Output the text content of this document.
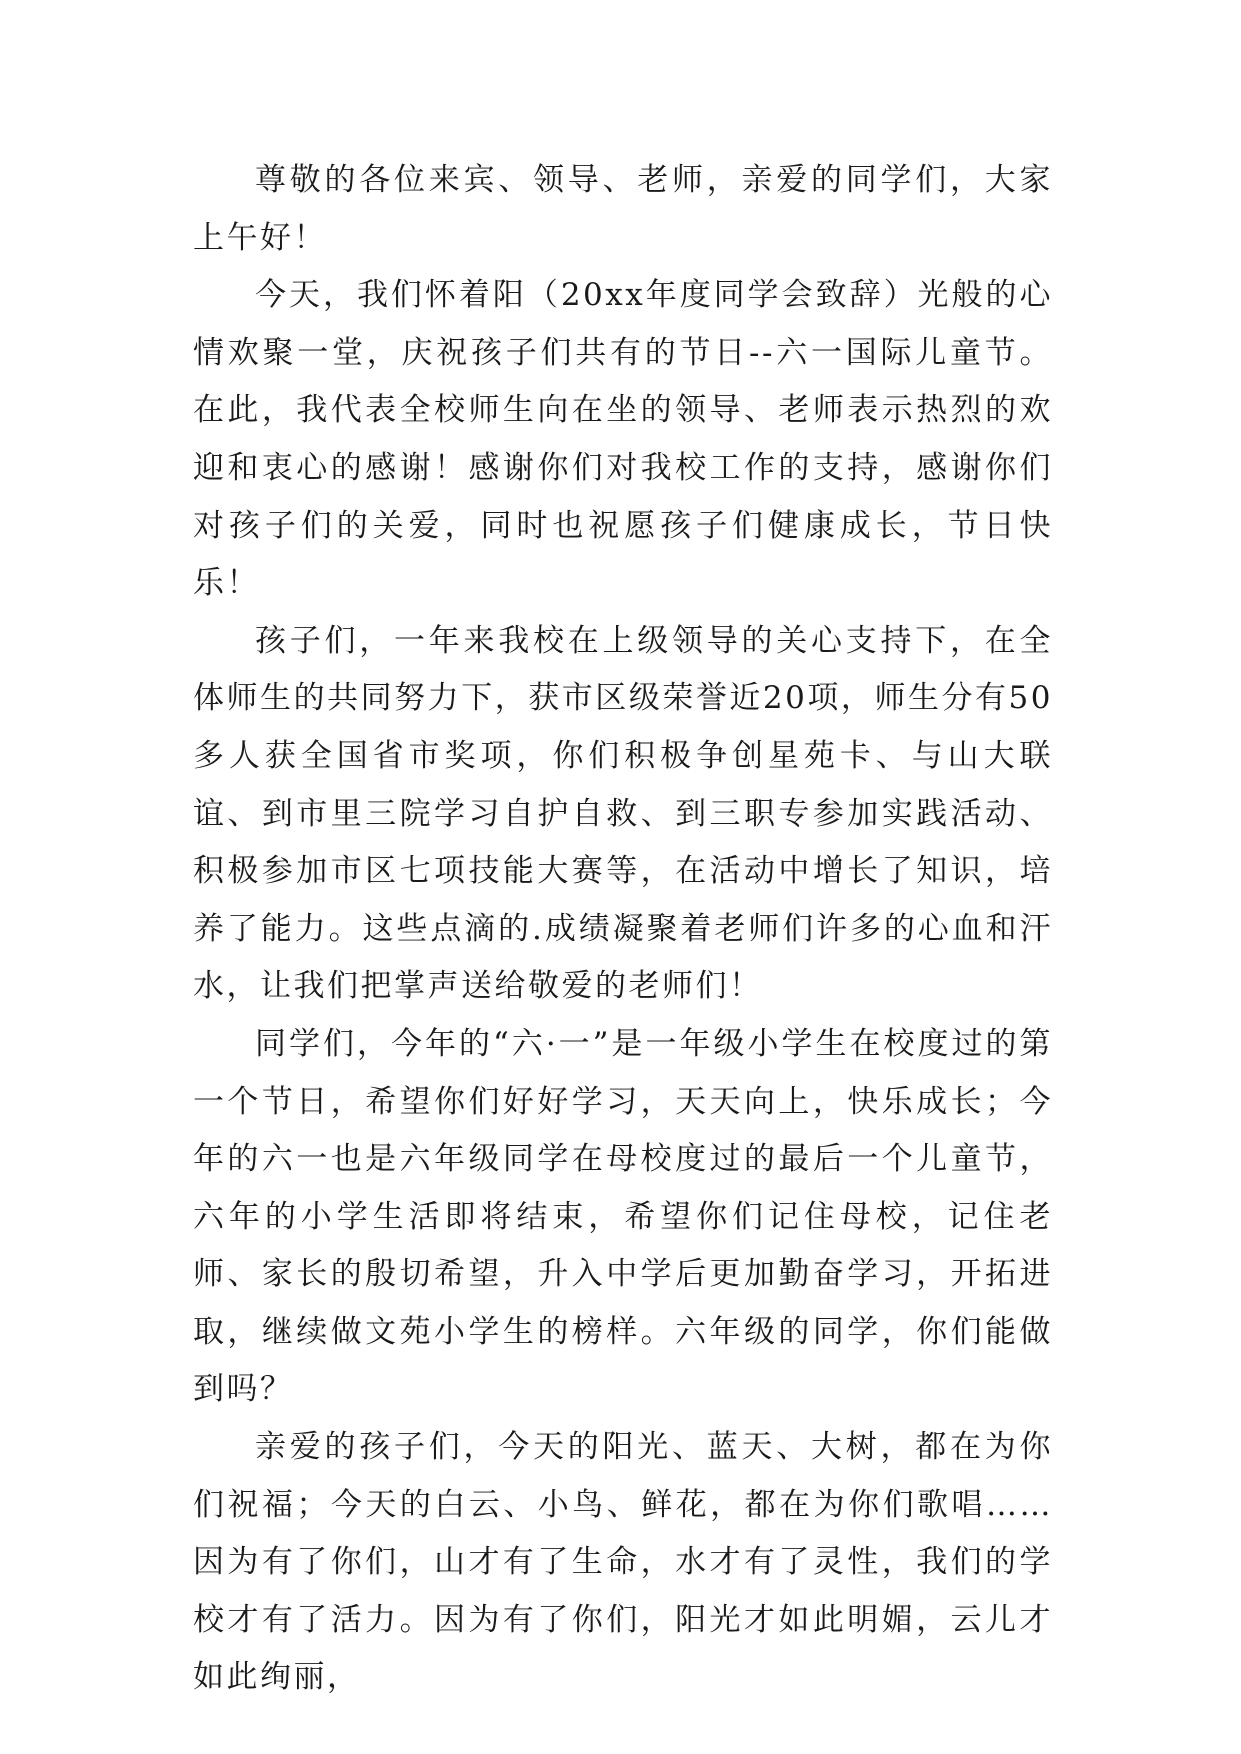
尊敬的各位来宾、领导、老师，亲爱的同学们，大家上午好！

今天，我们怀着阳（20xx年度同学会致辞）光般的心情欢聚一堂，庆祝孩子们共有的节日--六一国际儿童节。在此，我代表全校师生向在坐的领导、老师表示热烈的欢迎和衷心的感谢！感谢你们对我校工作的支持，感谢你们对孩子们的关爱，同时也祝愿孩子们健康成长，节日快乐！

孩子们，一年来我校在上级领导的关心支持下，在全体师生的共同努力下，获市区级荣誉近20项，师生分有50多人获全国省市奖项，你们积极争创星苑卡、与山大联谊、到市里三院学习自护自救、到三职专参加实践活动、积极参加市区七项技能大赛等，在活动中增长了知识，培养了能力。这些点滴的.成绩凝聚着老师们许多的心血和汗水，让我们把掌声送给敬爱的老师们！

同学们，今年的“六·一”是一年级小学生在校度过的第一个节日，希望你们好好学习，天天向上，快乐成长；今年的六一也是六年级同学在母校度过的最后一个儿童节，六年的小学生活即将结束，希望你们记住母校，记住老师、家长的殷切希望，升入中学后更加勤奋学习，开拓进取，继续做文苑小学生的榜样。六年级的同学，你们能做到吗？

亲爱的孩子们，今天的阳光、蓝天、大树，都在为你们祝福；今天的白云、小鸟、鲜花，都在为你们歌唱……因为有了你们，山才有了生命，水才有了灵性，我们的学校才有了活力。因为有了你们，阳光才如此明媚，云儿才如此绚丽，
